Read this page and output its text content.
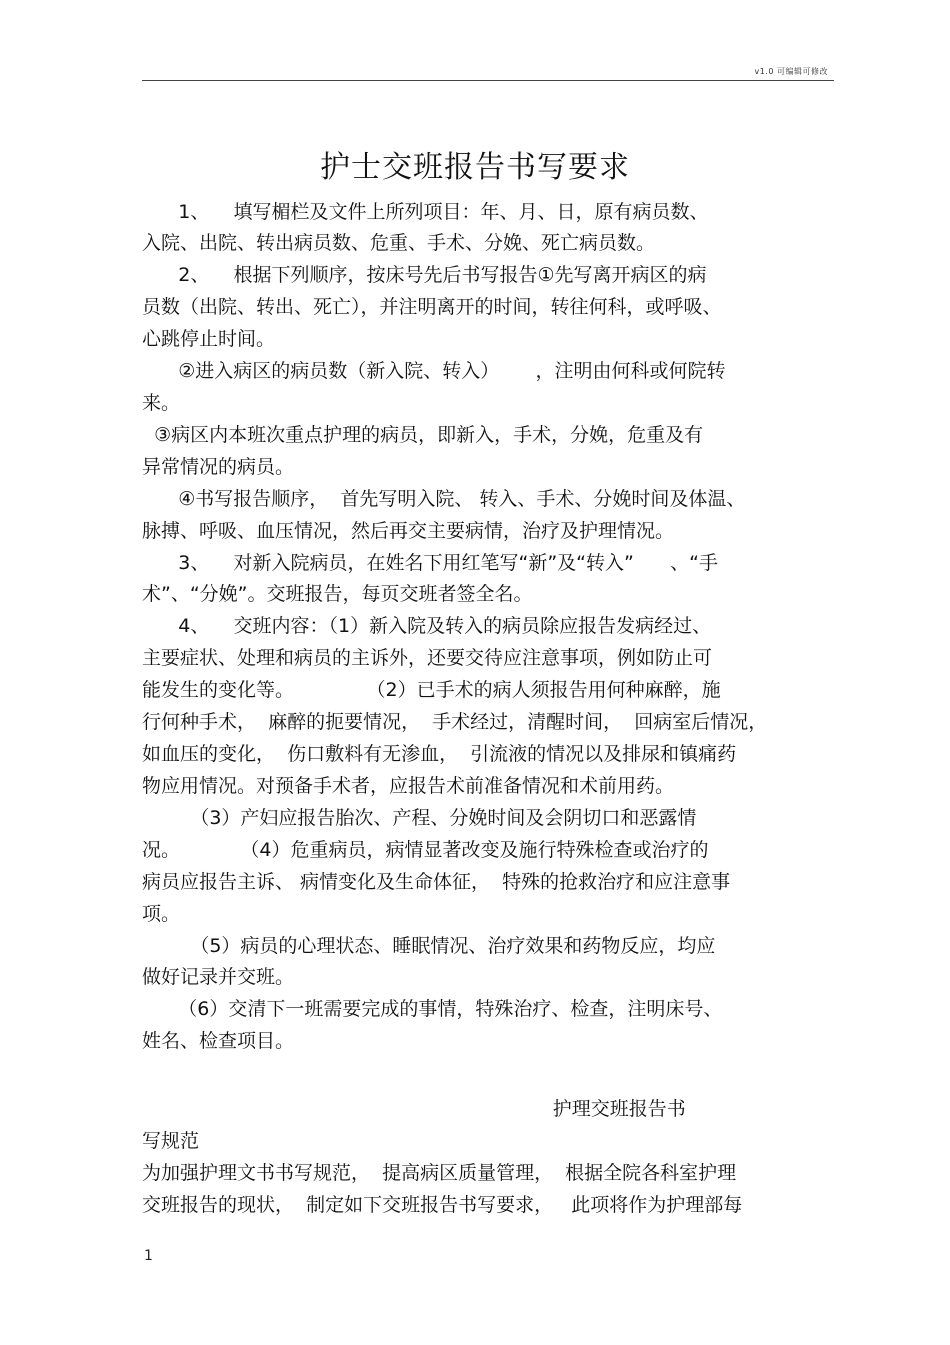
v1.0 可编辑可修改
护士交班报告书写要求
1、    填写楣栏及文件上所列项目：年、月、日，原有病员数、
入院、出院、转出病员数、危重、手术、分娩、死亡病员数。
2、    根据下列顺序，按床号先后书写报告①先写离开病区的病
员数（出院、转出、死亡），并注明离开的时间，转往何科，或呼吸、
心跳停止时间。
②进入病区的病员数（新入院、转入）      ，注明由何科或何院转
来。
③病区内本班次重点护理的病员，即新入，手术，分娩，危重及有
异常情况的病员。
④书写报告顺序，  首先写明入院、 转入、手术、分娩时间及体温、
脉搏、呼吸、血压情况，然后再交主要病情，治疗及护理情况。
3、    对新入院病员，在姓名下用红笔写“新”及“转入”      、“手
术”、“分娩”。交班报告，每页交班者签全名。
4、    交班内容：（1）新入院及转入的病员除应报告发病经过、
主要症状、处理和病员的主诉外，还要交待应注意事项，例如防止可
能发生的变化等。            （2）已手术的病人须报告用何种麻醉，施
行何种手术，  麻醉的扼要情况，  手术经过，清醒时间，  回病室后情况，
如血压的变化，  伤口敷料有无渗血，  引流液的情况以及排尿和镇痛药
物应用情况。对预备手术者，应报告术前准备情况和术前用药。
（3）产妇应报告胎次、产程、分娩时间及会阴切口和恶露情
况。          （4）危重病员，病情显著改变及施行特殊检查或治疗的
病员应报告主诉、 病情变化及生命体征，  特殊的抢救治疗和应注意事
项。
（5）病员的心理状态、睡眠情况、治疗效果和药物反应，均应
做好记录并交班。
（6）交清下一班需要完成的事情，特殊治疗、检查，注明床号、
姓名、检查项目。
护理交班报告书
写规范
为加强护理文书书写规范，  提高病区质量管理，  根据全院各科室护理
交班报告的现状，  制定如下交班报告书写要求，   此项将作为护理部每
1
